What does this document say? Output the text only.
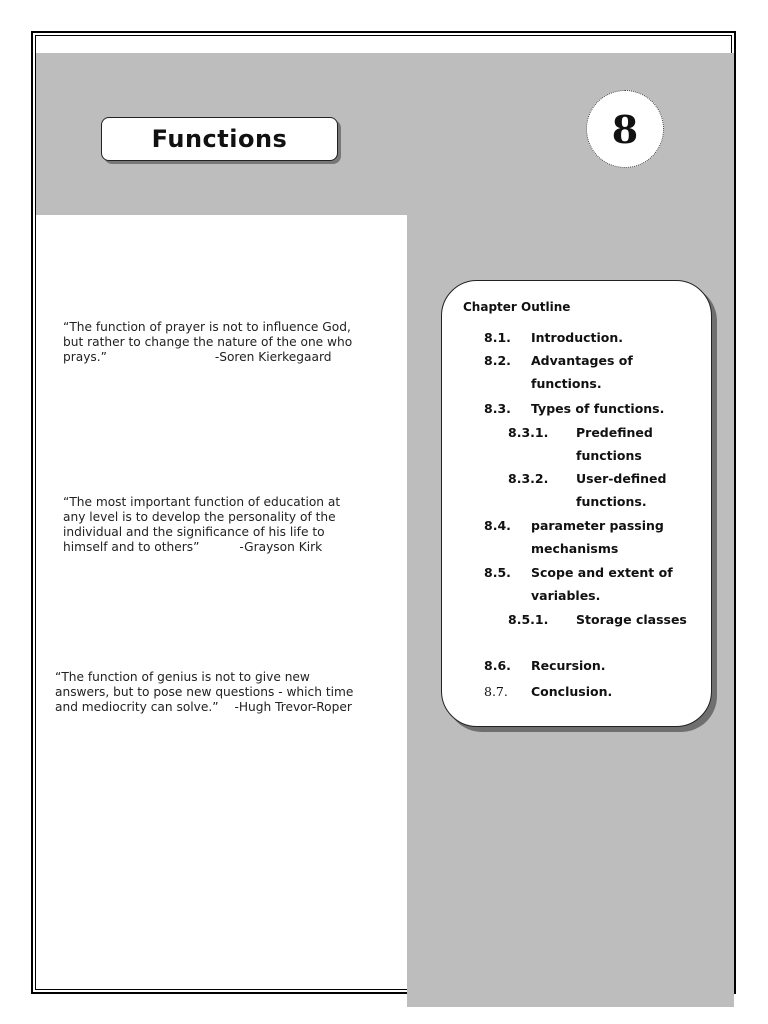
Functions	8
“The function of prayer is not to influence God,
but rather to change the nature of the one who
prays.”	-Soren Kierkegaard
“The most important function of education at
any level is to develop the personality of the
individual and the significance of his life to
himself and to others”	-Grayson Kirk
“The function of genius is not to give new
answers, but to pose new questions - which time
and mediocrity can solve.” -Hugh Trevor-Roper
Chapter Outline
8.1. Introduction.
8.2. Advantages of
functions.
8.3. Types of functions.
8.3.1. Predefined
functions
8.3.2. User-defined
functions.
8.4. parameter passing
mechanisms
8.5. Scope and extent of
variables.
8.5.1. Storage classes
8.6. Recursion.
8.7. Conclusion.
